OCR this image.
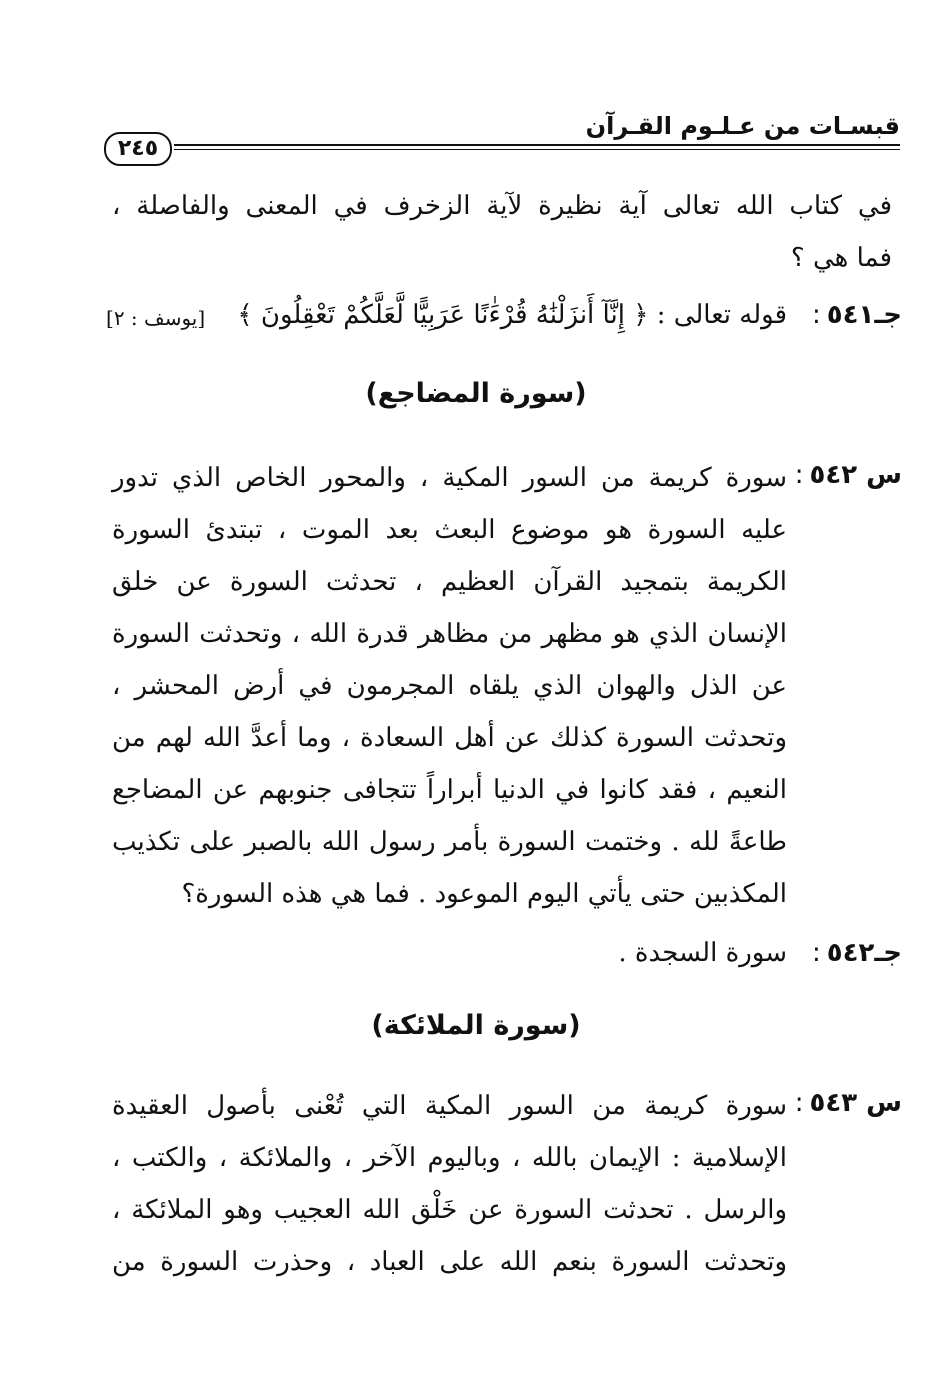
قبسـات من عـلـوم القـرآن
٢٤٥
في كتاب الله تعالى آية نظيرة لآية الزخرف في المعنى والفاصلة ،
فما هي ؟
جـ٥٤١:
قوله تعالى : ﴿ إِنَّآ أَنزَلْنَٰهُ قُرْءَٰنًا عَرَبِيًّا لَّعَلَّكُمْ تَعْقِلُونَ ﴾
[يوسف : ٢]
(سورة المضاجع)
س ٥٤٢:
سورة كريمة من السور المكية ، والمحور الخاص الذي تدور
عليه السورة هو موضوع البعث بعد الموت ، تبتدئ السورة
الكريمة بتمجيد القرآن العظيم ، تحدثت السورة عن خلق
الإنسان الذي هو مظهر من مظاهر قدرة الله ، وتحدثت السورة
عن الذل والهوان الذي يلقاه المجرمون في أرض المحشر ،
وتحدثت السورة كذلك عن أهل السعادة ، وما أعدَّ الله لهم من
النعيم ، فقد كانوا في الدنيا أبراراً تتجافى جنوبهم عن المضاجع
طاعةً لله . وختمت السورة بأمر رسول الله بالصبر على تكذيب
المكذبين حتى يأتي اليوم الموعود . فما هي هذه السورة؟
جـ٥٤٢:
سورة السجدة .
(سورة الملائكة)
س ٥٤٣:
سورة كريمة من السور المكية التي تُعْنى بأصول العقيدة
الإسلامية : الإيمان بالله ، وباليوم الآخر ، والملائكة ، والكتب ،
والرسل . تحدثت السورة عن خَلْق الله العجيب وهو الملائكة ،
وتحدثت السورة بنعم الله على العباد ، وحذرت السورة من
